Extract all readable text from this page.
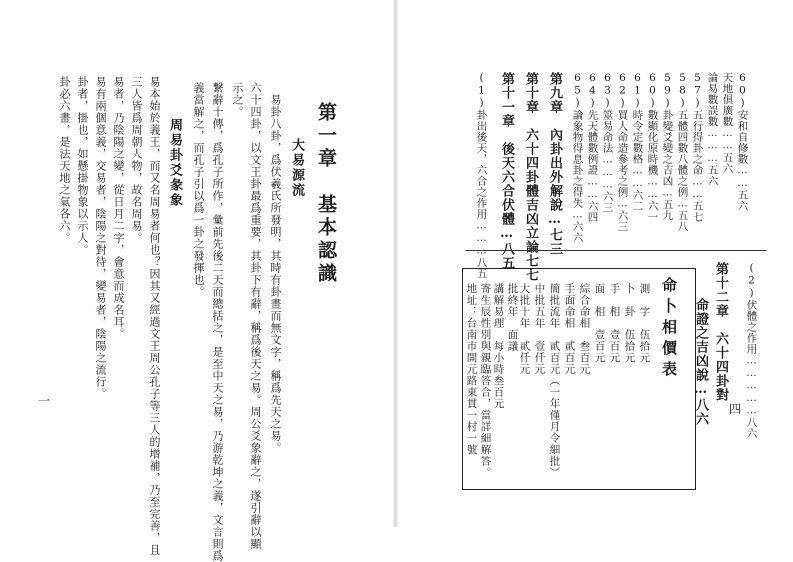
第一章　基本認識
大易源流
易卦八卦，爲伏羲氏所發明，其時有卦畫而無文字，稱爲先天之易。
六十四卦，以文王卦最爲重要，其卦下有辭，稱爲後天之易。周公爻象辭之，遂引辭以顯
示之。
繋辭十傳，爲孔子所作，彙前先後二天而總括之，是至中天之易，乃游乾坤之義，文言則爲
義當解之，而孔子引以爲一卦之發揮也。
周易卦爻彖象
易本始於義王，而又名周易者何也？因其又經過文王周公孔子等三人的增補，乃至完善，且
三人皆爲周朝人物，故名周易。
易者，乃陰陽之變，從日月二字，會意而成名耳。
易有兩個意義，交易者，陰陽之對待，變易者，陰陽之流行。
卦者，掛也，如懸掛物象以示人。
卦必六畫，是法天地之氣各六。
一
四
60)安和自修數……五六
天地俱廣數……五六
論易數誤數………五六
57)五行得卦之命……五七
58)五體四數八體之例…五八
59)卦變爻變之吉凶…五九
60)數顯化原時機……六一
61)時令定數格……六二
62)買人命造參考之例…六三
63)筮易命法………六三
64)先天體數例證……六四
65)論象物得息卦之得失…六六
第九章　內卦出外解說…七三
第十章　六十四卦體吉凶立論七七
第十一章　後天六合伏體…八五
(1)卦出後天，六合之作用………八五	(2)伏體之作用……………八六
第十二章　六十四卦對
命證之吉凶說…八六
命卜相價表
測　字　伍拾元
卜　卦　伍拾元
手　相　壹百元
面　相　壹百元
綜合命相　叁百元
手面命相　貳百元
簡批流年　貳百元（一年僅月令細批）
中批五年　壹仟元
大批十年　貳仟元
批終年　面議
講解易理　每小時叁百元
寄生辰性別與親臨答合，當詳細解答。
地址：台南市開元路東貫一村一號
